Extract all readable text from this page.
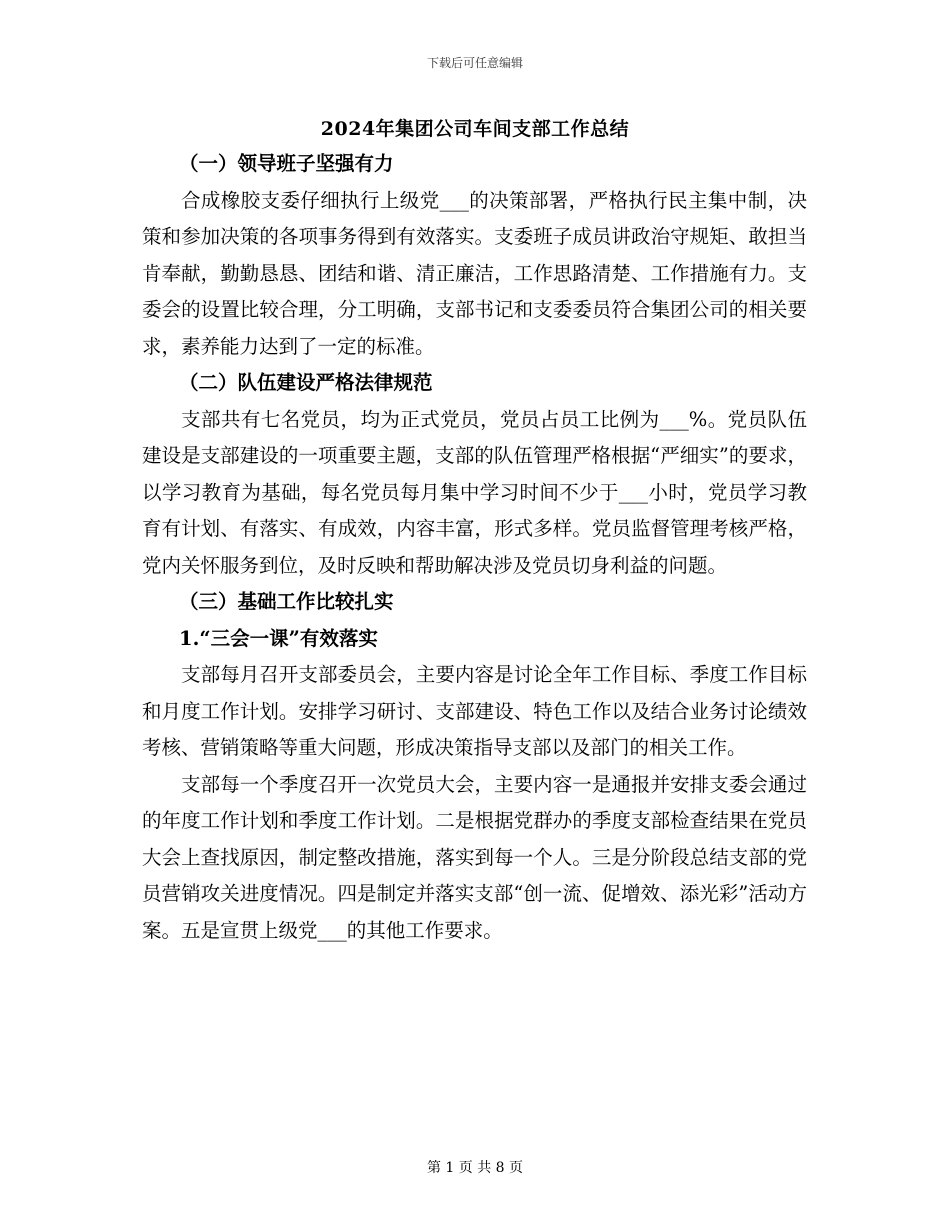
下载后可任意编辑
2024年集团公司车间支部工作总结

（一）领导班子坚强有力

合成橡胶支委仔细执行上级党___的决策部署，严格执行民主集中制，决策和参加决策的各项事务得到有效落实。支委班子成员讲政治守规矩、敢担当肯奉献，勤勤恳恳、团结和谐、清正廉洁，工作思路清楚、工作措施有力。支委会的设置比较合理，分工明确，支部书记和支委委员符合集团公司的相关要求，素养能力达到了一定的标准。

（二）队伍建设严格法律规范

支部共有七名党员，均为正式党员，党员占员工比例为___%。党员队伍建设是支部建设的一项重要主题，支部的队伍管理严格根据“严细实”的要求，以学习教育为基础，每名党员每月集中学习时间不少于___小时，党员学习教育有计划、有落实、有成效，内容丰富，形式多样。党员监督管理考核严格，党内关怀服务到位，及时反映和帮助解决涉及党员切身利益的问题。

（三）基础工作比较扎实

1.“三会一课”有效落实

支部每月召开支部委员会，主要内容是讨论全年工作目标、季度工作目标和月度工作计划。安排学习研讨、支部建设、特色工作以及结合业务讨论绩效考核、营销策略等重大问题，形成决策指导支部以及部门的相关工作。

支部每一个季度召开一次党员大会，主要内容一是通报并安排支委会通过的年度工作计划和季度工作计划。二是根据党群办的季度支部检查结果在党员大会上查找原因，制定整改措施，落实到每一个人。三是分阶段总结支部的党员营销攻关进度情况。四是制定并落实支部“创一流、促增效、添光彩”活动方案。五是宣贯上级党___的其他工作要求。

第 1 页 共 8 页
